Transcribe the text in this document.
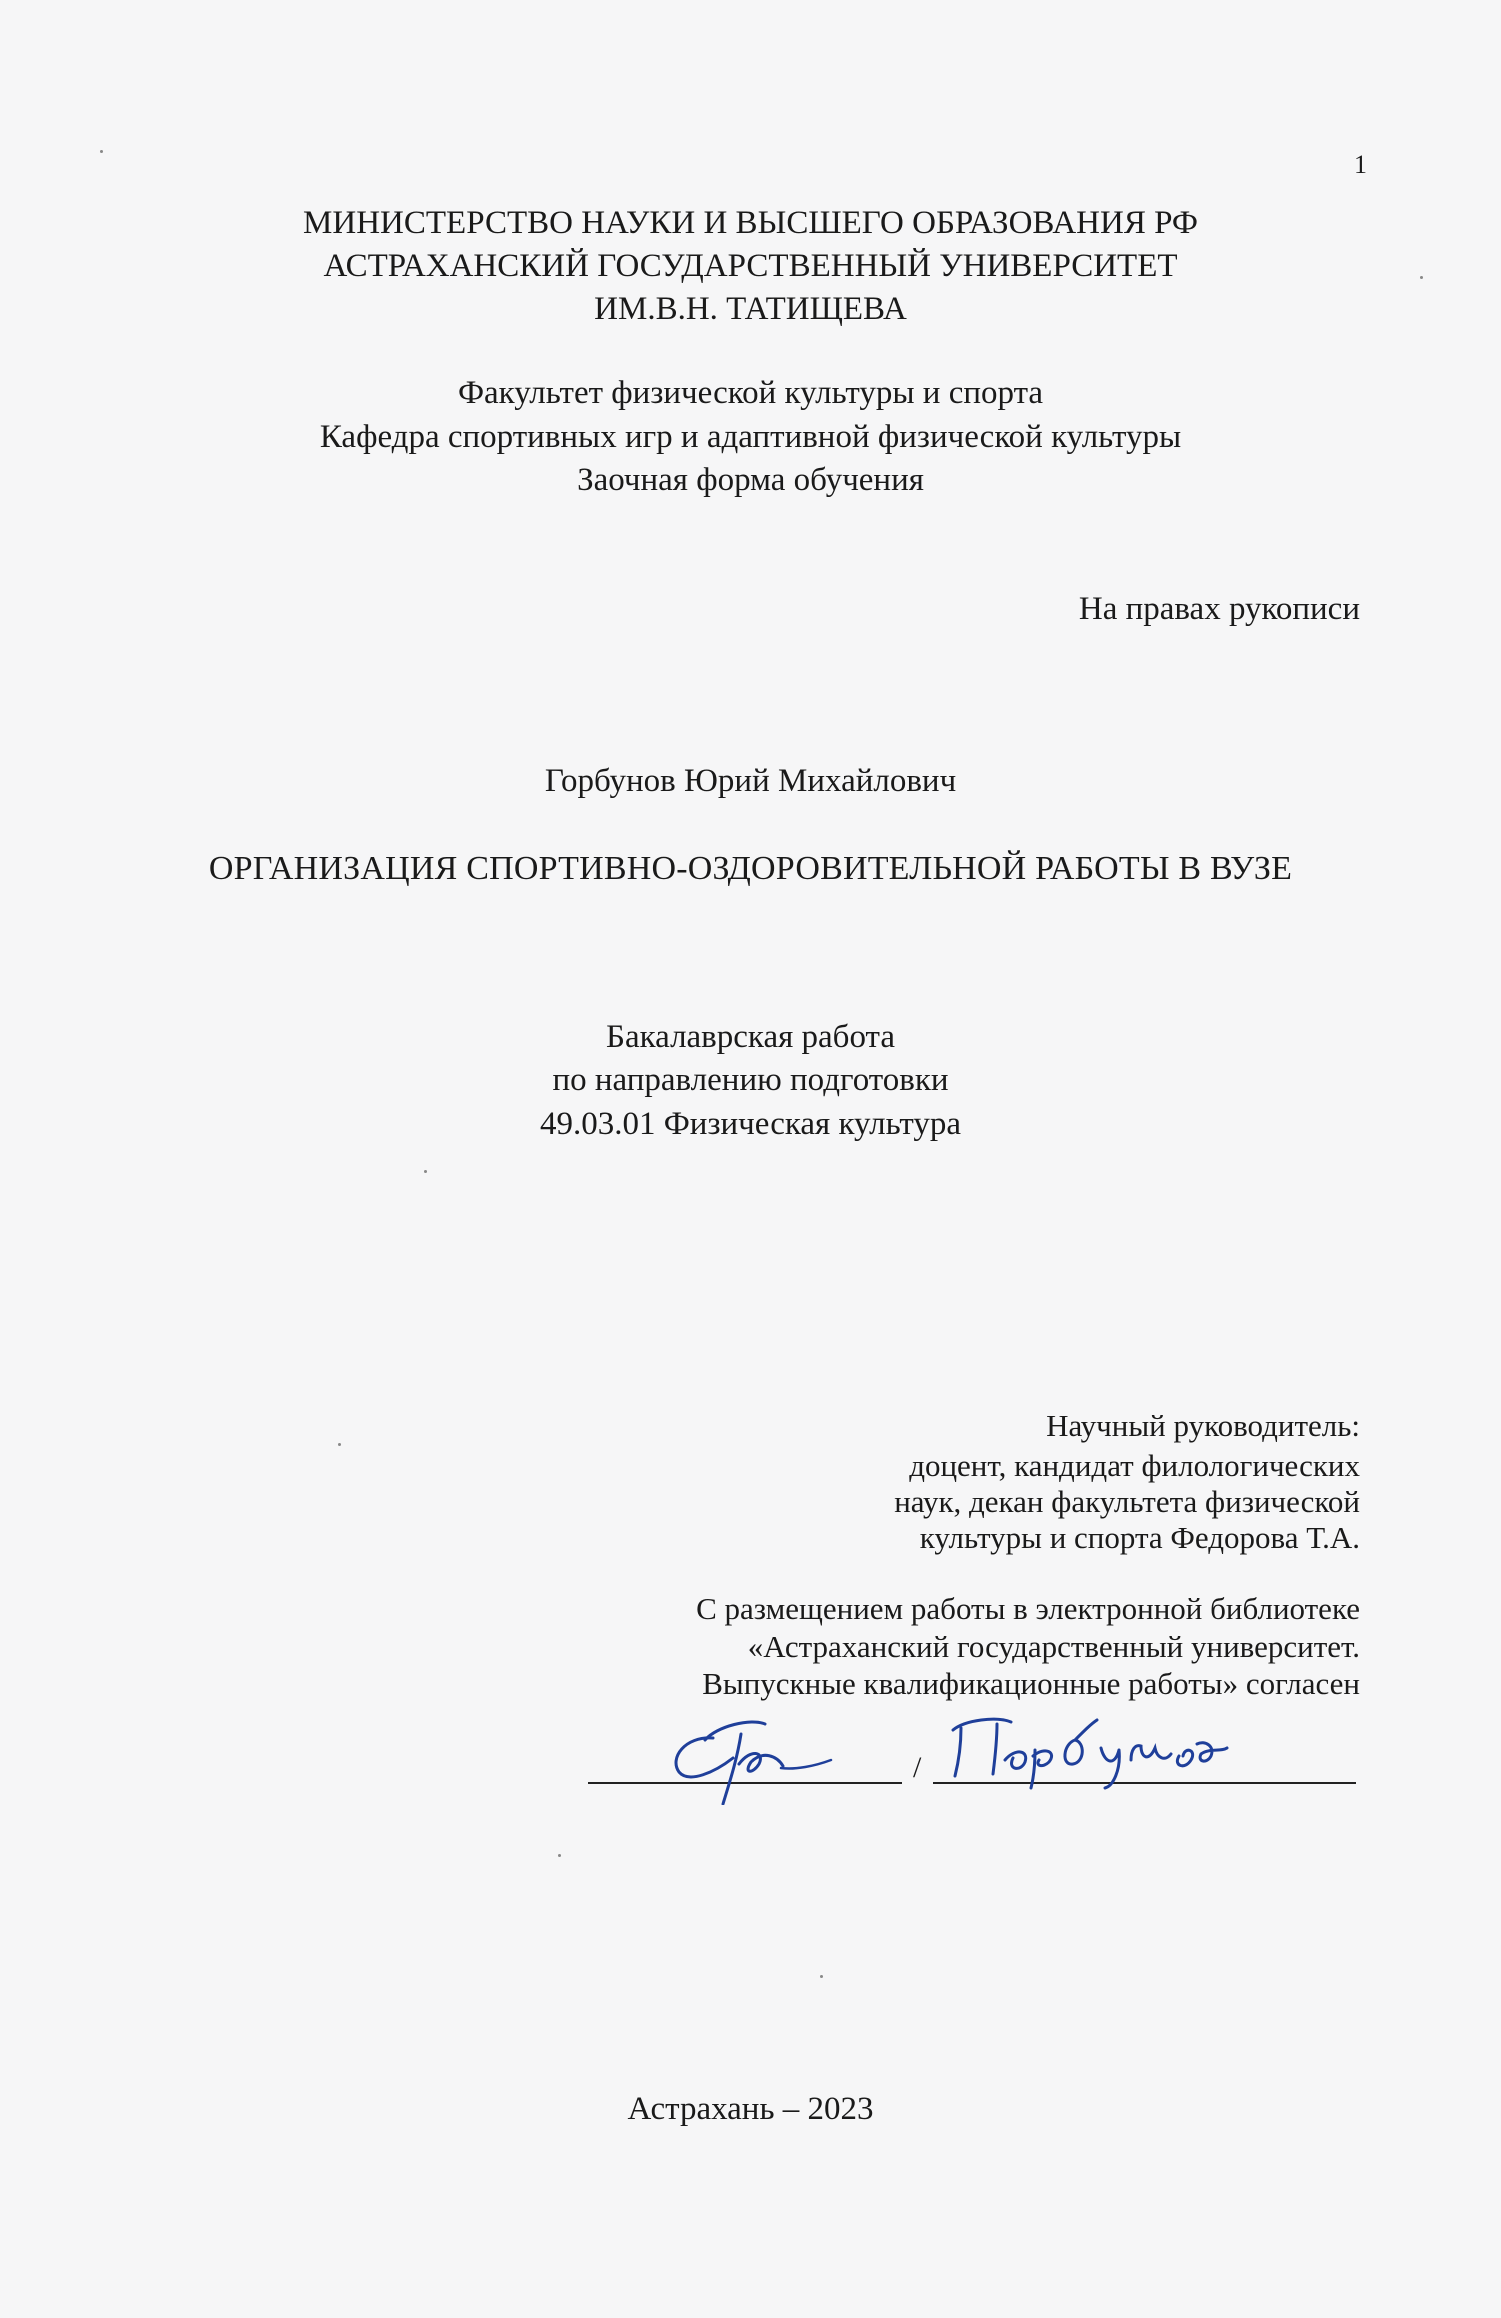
1
МИНИСТЕРСТВО НАУКИ И ВЫСШЕГО ОБРАЗОВАНИЯ РФ
АСТРАХАНСКИЙ ГОСУДАРСТВЕННЫЙ УНИВЕРСИТЕТ
ИМ.В.Н. ТАТИЩЕВА
Факультет физической культуры и спорта
Кафедра спортивных игр и адаптивной физической культуры
Заочная форма обучения
На правах рукописи
Горбунов Юрий Михайлович
ОРГАНИЗАЦИЯ СПОРТИВНО-ОЗДОРОВИТЕЛЬНОЙ РАБОТЫ В ВУЗЕ
Бакалаврская работа
по направлению подготовки
49.03.01 Физическая культура
Научный руководитель:
доцент, кандидат филологических
наук, декан факультета физической
культуры и спорта Федорова Т.А.
С размещением работы в электронной библиотеке
«Астраханский государственный университет.
Выпускные квалификационные работы» согласен
/
Астрахань – 2023
